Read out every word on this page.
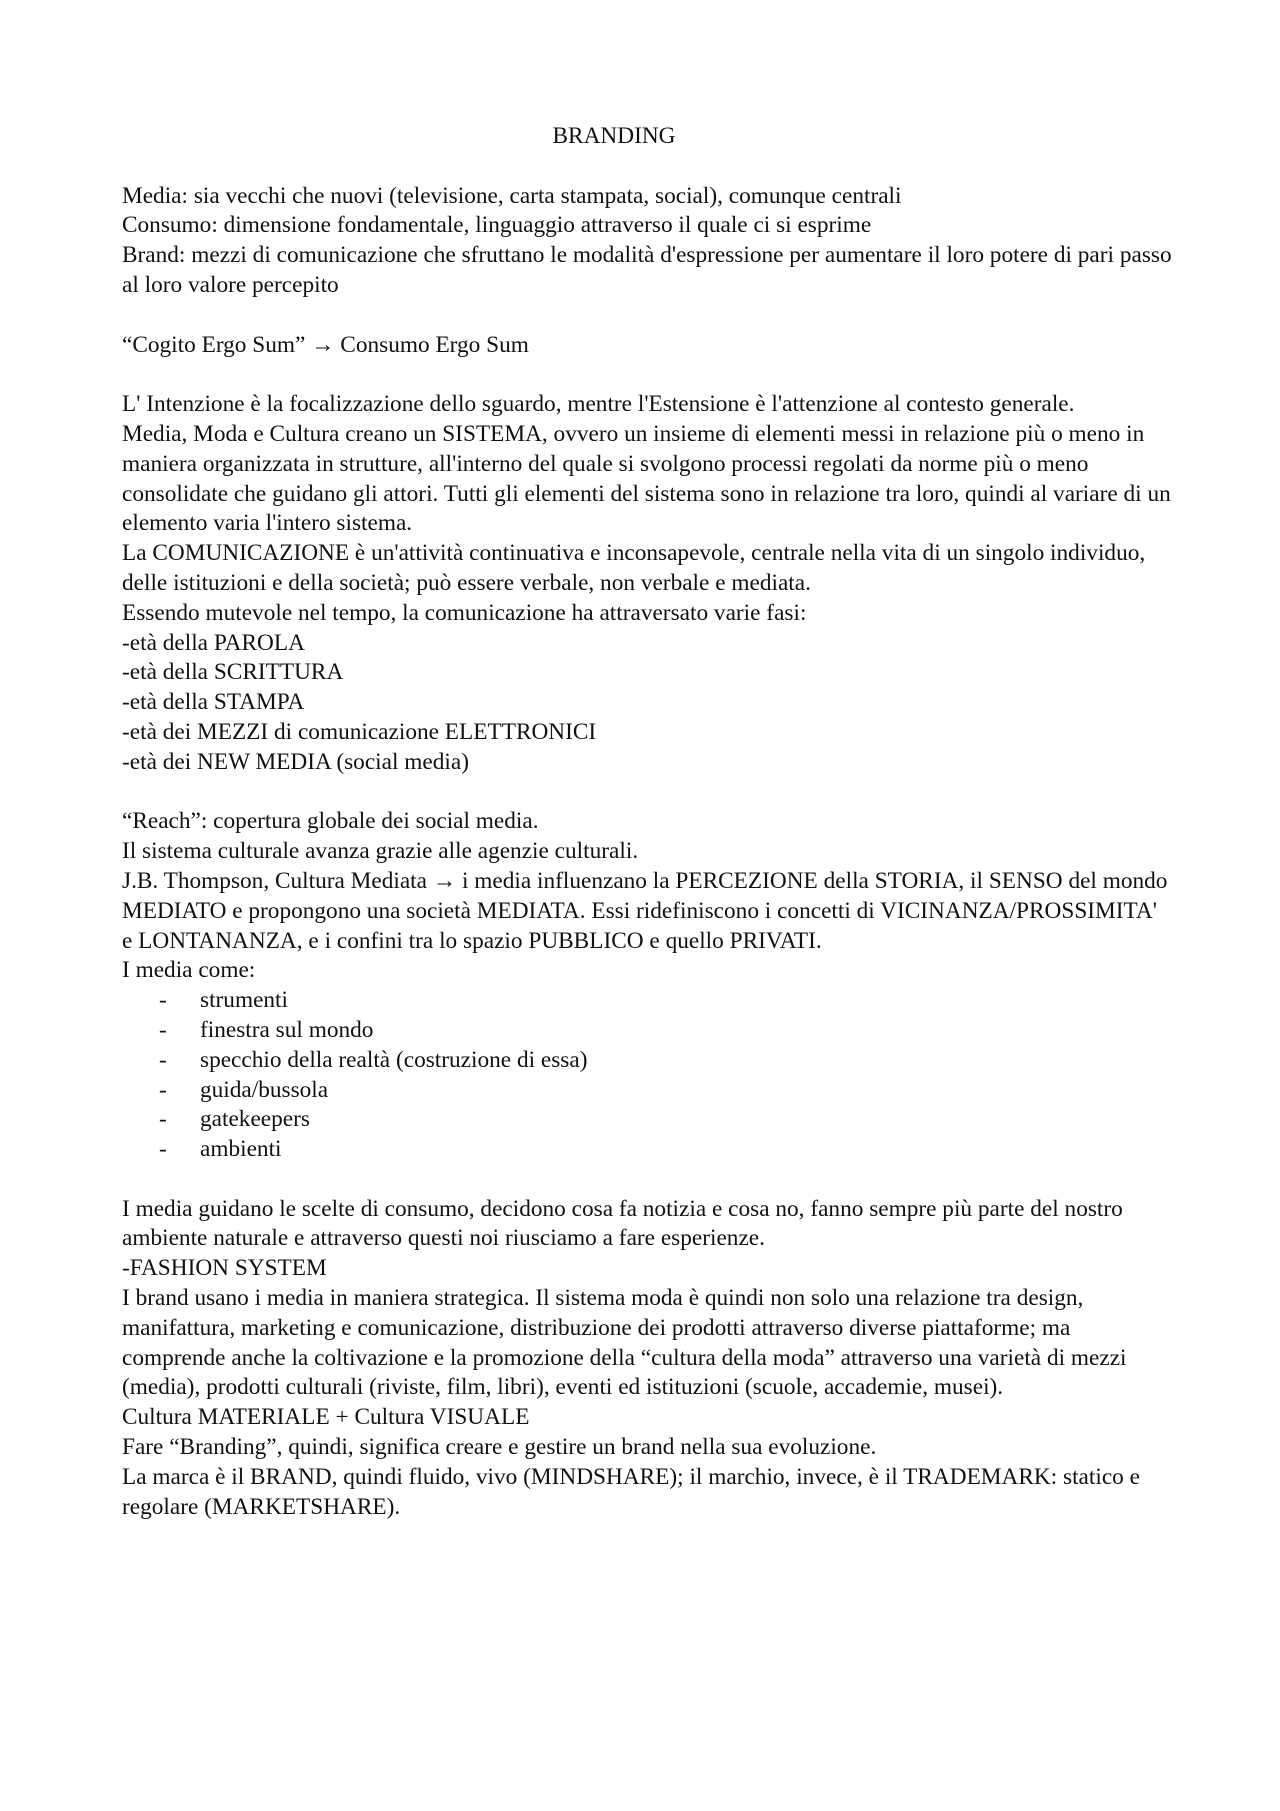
BRANDING

Media: sia vecchi che nuovi (televisione, carta stampata, social), comunque centrali

Consumo: dimensione fondamentale, linguaggio attraverso il quale ci si esprime

Brand: mezzi di comunicazione che sfruttano le modalità d'espressione per aumentare il loro potere di pari passo al loro valore percepito

“Cogito Ergo Sum” → Consumo Ergo Sum

L' Intenzione è la focalizzazione dello sguardo, mentre l'Estensione è l'attenzione al contesto generale.

Media, Moda e Cultura creano un SISTEMA, ovvero un insieme di elementi messi in relazione più o meno in maniera organizzata in strutture, all'interno del quale si svolgono processi regolati da norme più o meno consolidate che guidano gli attori. Tutti gli elementi del sistema sono in relazione tra loro, quindi al variare di un elemento varia l'intero sistema.

La COMUNICAZIONE è un'attività continuativa e inconsapevole, centrale nella vita di un singolo individuo, delle istituzioni e della società; può essere verbale, non verbale e mediata.

Essendo mutevole nel tempo, la comunicazione ha attraversato varie fasi:

-età della PAROLA

-età della SCRITTURA

-età della STAMPA

-età dei MEZZI di comunicazione ELETTRONICI

-età dei NEW MEDIA (social media)

“Reach”: copertura globale dei social media.

Il sistema culturale avanza grazie alle agenzie culturali.

J.B. Thompson, Cultura Mediata → i media influenzano la PERCEZIONE della STORIA, il SENSO del mondo MEDIATO e propongono una società MEDIATA. Essi ridefiniscono i concetti di VICINANZA/PROSSIMITA' e LONTANANZA, e i confini tra lo spazio PUBBLICO e quello PRIVATI.

I media come:

- strumenti
- finestra sul mondo
- specchio della realtà (costruzione di essa)
- guida/bussola
- gatekeepers
- ambienti

I media guidano le scelte di consumo, decidono cosa fa notizia e cosa no, fanno sempre più parte del nostro ambiente naturale e attraverso questi noi riusciamo a fare esperienze.

-FASHION SYSTEM

I brand usano i media in maniera strategica. Il sistema moda è quindi non solo una relazione tra design, manifattura, marketing e comunicazione, distribuzione dei prodotti attraverso diverse piattaforme; ma comprende anche la coltivazione e la promozione della “cultura della moda” attraverso una varietà di mezzi (media), prodotti culturali (riviste, film, libri), eventi ed istituzioni (scuole, accademie, musei).

Cultura MATERIALE + Cultura VISUALE

Fare “Branding”, quindi, significa creare e gestire un brand nella sua evoluzione.

La marca è il BRAND, quindi fluido, vivo (MINDSHARE); il marchio, invece, è il TRADEMARK: statico e regolare (MARKETSHARE).
